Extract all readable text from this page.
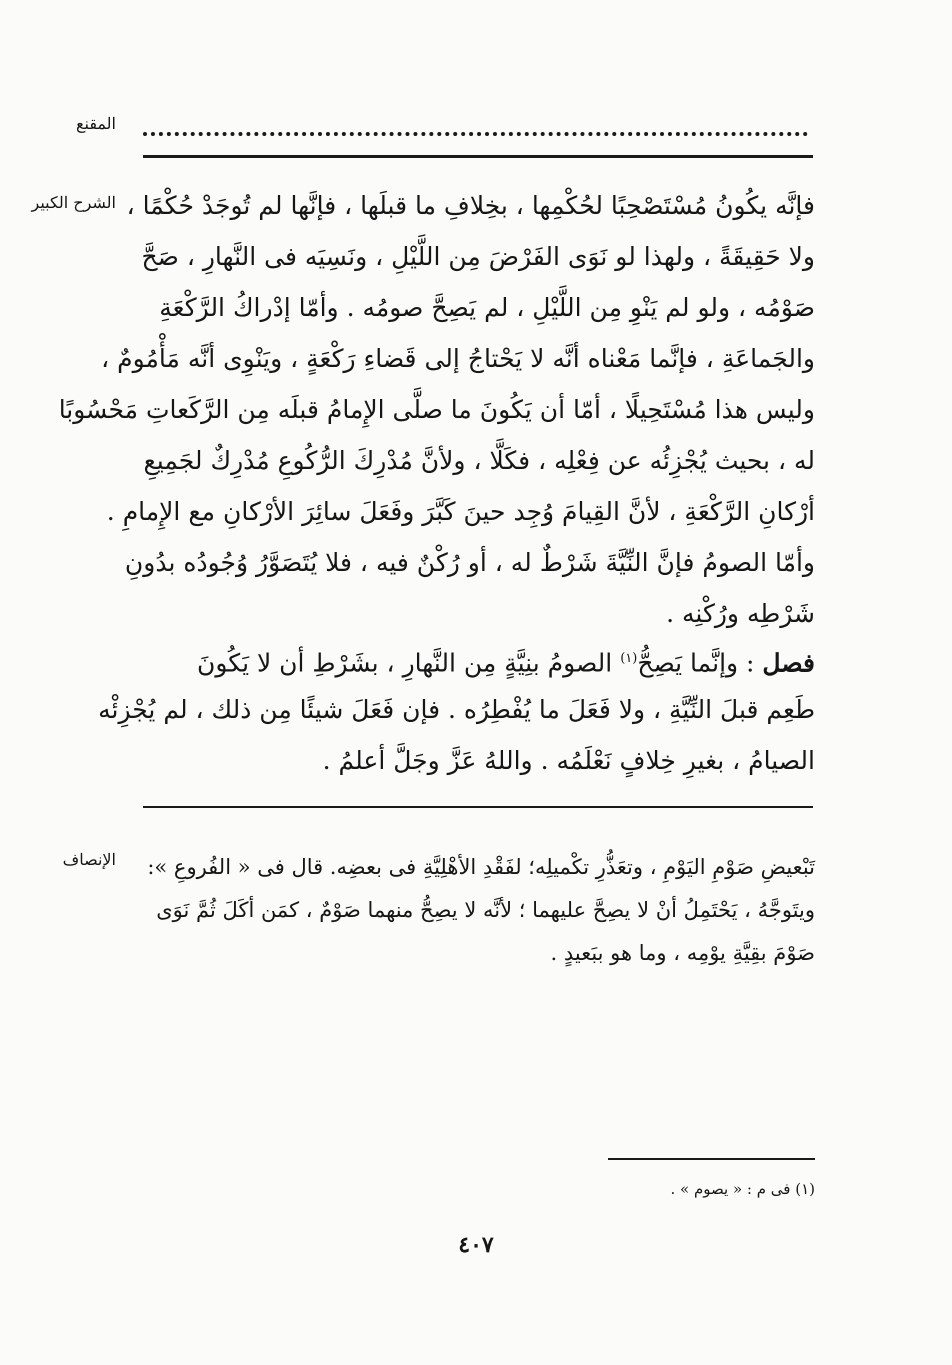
المقنع
الشرح الكبير
الإنصاف
فإنَّه يكُونُ مُسْتَصْحِبًا لحُكْمِها ، بخِلافِ ما قبلَها ، فإنَّها لم تُوجَدْ حُكْمًا ،
ولا حَقِيقَةً ، ولهذا لو نَوَى الفَرْضَ مِن اللَّيْلِ ، ونَسِيَه فى النَّهارِ ، صَحَّ
صَوْمُه ، ولو لم يَنْوِ مِن اللَّيْلِ ، لم يَصِحَّ صومُه . وأمّا إدْراكُ الرَّكْعَةِ
والجَماعَةِ ، فإنَّما مَعْناه أنَّه لا يَحْتاجُ إلى قَضاءِ رَكْعَةٍ ، ويَنْوِى أنَّه مَأْمُومٌ ،
وليس هذا مُسْتَحِيلًا ، أمّا أن يَكُونَ ما صلَّى الإِمامُ قبلَه مِن الرَّكَعاتِ مَحْسُوبًا
له ، بحيث يُجْزِئُه عن فِعْلِه ، فكَلَّا ، ولأنَّ مُدْرِكَ الرُّكُوعِ مُدْرِكٌ لجَمِيعِ
أرْكانِ الرَّكْعَةِ ، لأنَّ القِيامَ وُجِد حينَ كَبَّرَ وفَعَلَ سائِرَ الأرْكانِ مع الإِمامِ .
وأمّا الصومُ فإنَّ النِّيَّةَ شَرْطٌ له ، أو رُكْنٌ فيه ، فلا يُتَصَوَّرُ وُجُودُه بدُونِ
شَرْطِه ورُكْنِه .
فصل : وإنَّما يَصِحُّ$^{(١)}$ الصومُ بنِيَّةٍ مِن النَّهارِ ، بشَرْطِ أن لا يَكُونَ
طَعِم قبلَ النِّيَّةِ ، ولا فَعَلَ ما يُفْطِرُه . فإن فَعَلَ شيئًا مِن ذلك ، لم يُجْزِئْه
الصيامُ ، بغيرِ خِلافٍ نَعْلَمُه . واللهُ عَزَّ وجَلَّ أعلمُ .
تَبْعيضِ صَوْمِ اليَوْمِ ، وتعَذُّرِ تكْميلِه؛ لفَقْدِ الأهْلِيَّةِ فى بعضِه. قال فى « الفُروعِ »:
ويتَوجَّهُ ، يَحْتَمِلُ أنْ لا يصِحَّ عليهما ؛ لأنَّه لا يصِحُّ منهما صَوْمٌ ، كمَن أكَلَ ثُمَّ نَوَى
صَوْمَ بقِيَّةِ يوْمِه ، وما هو ببَعيدٍ .
(١) فى م : « يصوم » .
٤٠٧
